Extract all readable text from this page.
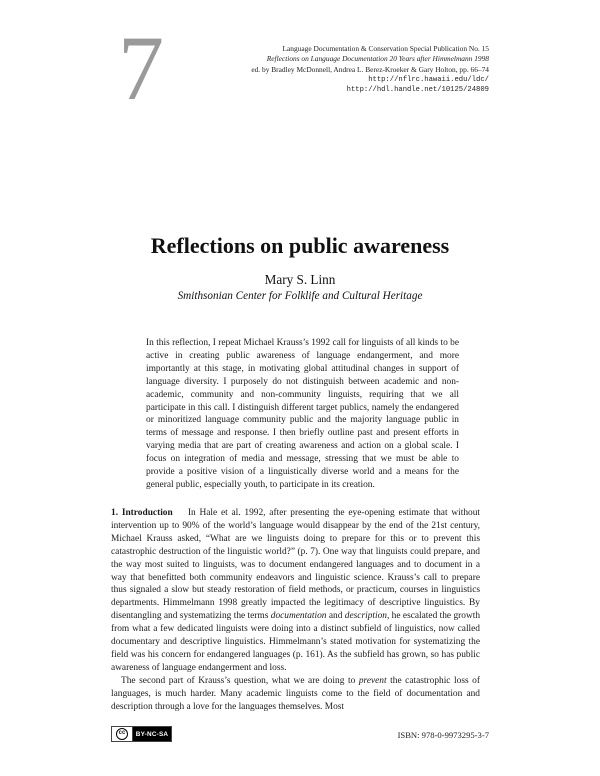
7	Language Documentation & Conservation Special Publication No. 15
Reflections on Language Documentation 20 Years after Himmelmann 1998
ed. by Bradley McDonnell, Andrea L. Berez-Kroeker & Gary Holton, pp. 66–74
http://nflrc.hawaii.edu/ldc/
http://hdl.handle.net/10125/24809
Reflections on public awareness
Mary S. Linn
Smithsonian Center for Folklife and Cultural Heritage

In this reflection, I repeat Michael Krauss’s 1992 call for linguists of all kinds to be active in creating public awareness of language endangerment, and more importantly at this stage, in motivating global attitudinal changes in support of language diversity. I purposely do not distinguish between academic and non-academic, community and non-community linguists, requiring that we all participate in this call. I distinguish different target publics, namely the endangered or minoritized language community public and the majority language public in terms of message and response. I then briefly outline past and present efforts in varying media that are part of creating awareness and action on a global scale. I focus on integration of media and message, stressing that we must be able to provide a positive vision of a linguistically diverse world and a means for the general public, especially youth, to participate in its creation.

1. Introduction In Hale et al. 1992, after presenting the eye-opening estimate that without intervention up to 90% of the world’s language would disappear by the end of the 21st century, Michael Krauss asked, “What are we linguists doing to prepare for this or to prevent this catastrophic destruction of the linguistic world?” (p. 7). One way that linguists could prepare, and the way most suited to linguists, was to document endangered languages and to document in a way that benefitted both community endeavors and linguistic science. Krauss’s call to prepare thus signaled a slow but steady restoration of field methods, or practicum, courses in linguistics departments. Himmelmann 1998 greatly impacted the legitimacy of descriptive linguistics. By disentangling and systematizing the terms documentation and description, he escalated the growth from what a few dedicated linguists were doing into a distinct subfield of linguistics, now called documentary and descriptive linguistics. Himmelmann’s stated motivation for systematizing the field was his concern for endangered languages (p. 161). As the subfield has grown, so has public awareness of language endangerment and loss.

The second part of Krauss’s question, what we are doing to prevent the catastrophic loss of languages, is much harder. Many academic linguists come to the field of documentation and description through a love for the languages themselves. Most

cc	BY-NC-SA	ISBN: 978-0-9973295-3-7
